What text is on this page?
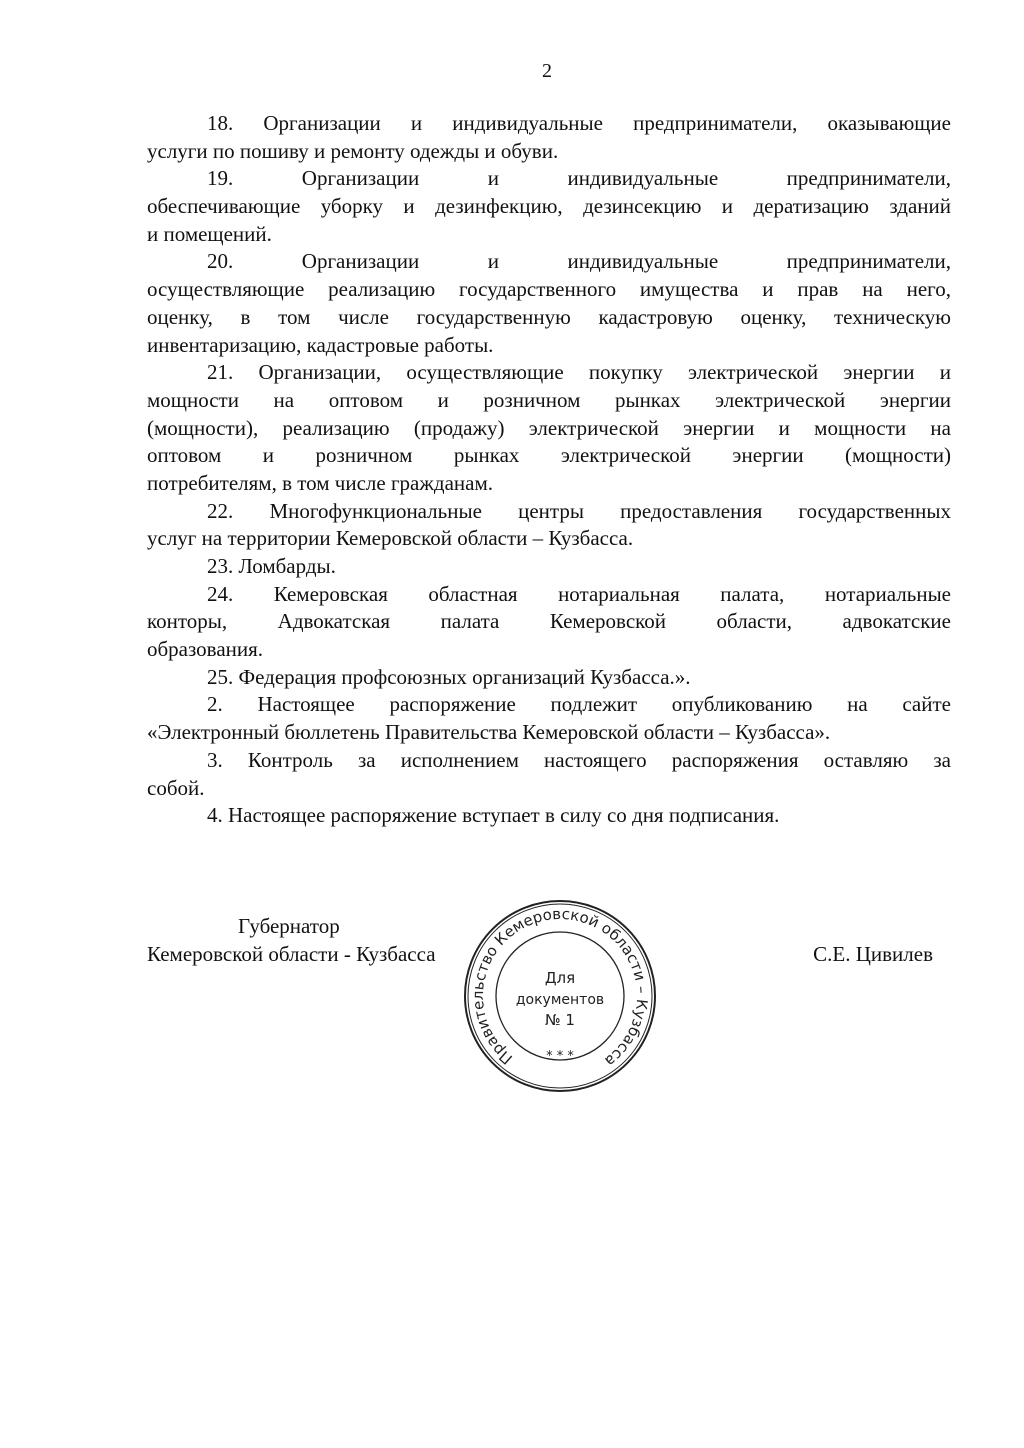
2
18. Организации и индивидуальные предприниматели, оказывающие
услуги по пошиву и ремонту одежды и обуви.
19. Организации и индивидуальные предприниматели,
обеспечивающие уборку и дезинфекцию, дезинсекцию и дератизацию зданий
и помещений.
20. Организации и индивидуальные предприниматели,
осуществляющие реализацию государственного имущества и прав на него,
оценку, в том числе государственную кадастровую оценку, техническую
инвентаризацию, кадастровые работы.
21. Организации, осуществляющие покупку электрической энергии и
мощности на оптовом и розничном рынках электрической энергии
(мощности), реализацию (продажу) электрической энергии и мощности на
оптовом и розничном рынках электрической энергии (мощности)
потребителям, в том числе гражданам.
22. Многофункциональные центры предоставления государственных
услуг на территории Кемеровской области – Кузбасса.
23. Ломбарды.
24. Кемеровская областная нотариальная палата, нотариальные
конторы, Адвокатская палата Кемеровской области, адвокатские
образования.
25. Федерация профсоюзных организаций Кузбасса.».
2. Настоящее распоряжение подлежит опубликованию на сайте
«Электронный бюллетень Правительства Кемеровской области – Кузбасса».
3. Контроль за исполнением настоящего распоряжения оставляю за
собой.
4. Настоящее распоряжение вступает в силу со дня подписания.
Губернатор
Кемеровской области - Кузбасса	С.Е. Цивилев
Правительство Кемеровской области – Кузбасса
* * *
Для
документов
№ 1
